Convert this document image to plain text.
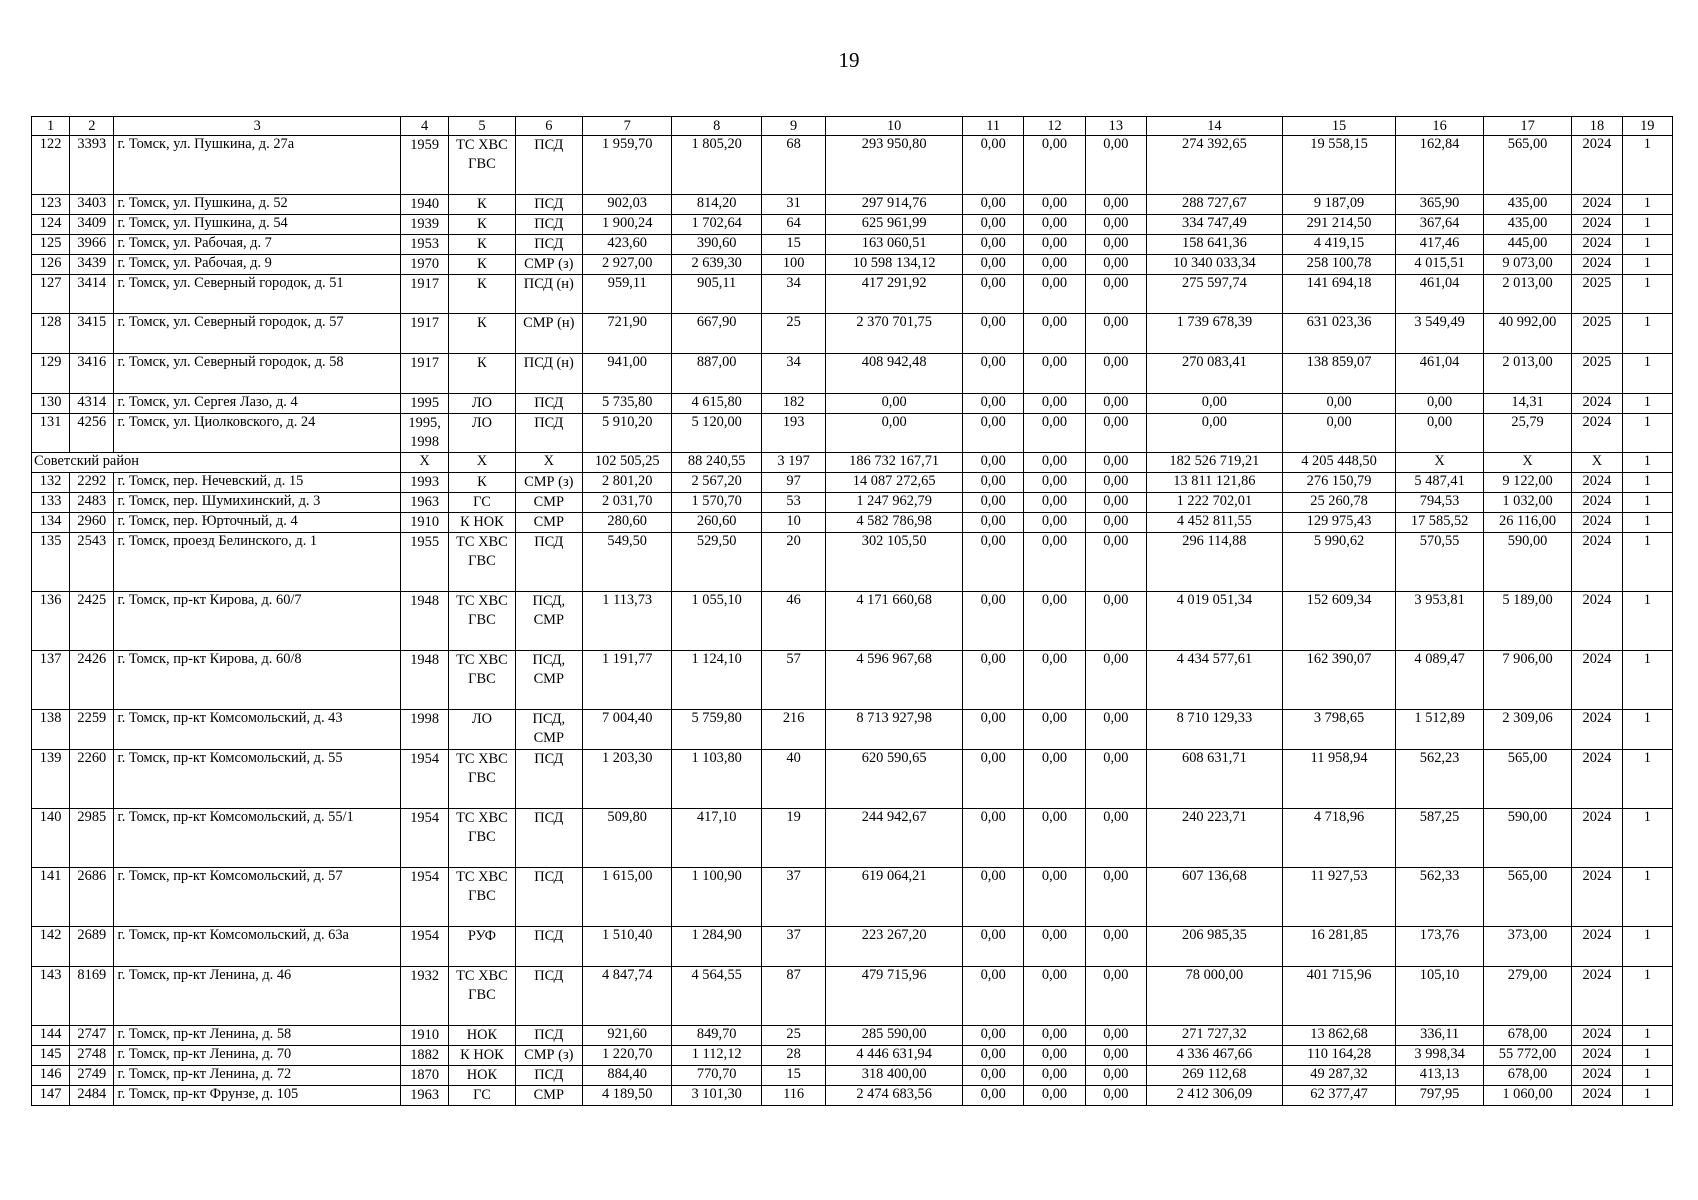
19
1	2	3	4	5	6	7	8	9	10	11	12	13	14	15	16	17	18	19
122	3393	г. Томск, ул. Пушкина, д. 27а	1959	ТС ХВС ГВС	ПСД	1 959,70	1 805,20	68	293 950,80	0,00	0,00	0,00	274 392,65	19 558,15	162,84	565,00	2024	1
123	3403	г. Томск, ул. Пушкина, д. 52	1940	К	ПСД	902,03	814,20	31	297 914,76	0,00	0,00	0,00	288 727,67	9 187,09	365,90	435,00	2024	1
124	3409	г. Томск, ул. Пушкина, д. 54	1939	К	ПСД	1 900,24	1 702,64	64	625 961,99	0,00	0,00	0,00	334 747,49	291 214,50	367,64	435,00	2024	1
125	3966	г. Томск, ул. Рабочая, д. 7	1953	К	ПСД	423,60	390,60	15	163 060,51	0,00	0,00	0,00	158 641,36	4 419,15	417,46	445,00	2024	1
126	3439	г. Томск, ул. Рабочая, д. 9	1970	К	СМР (з)	2 927,00	2 639,30	100	10 598 134,12	0,00	0,00	0,00	10 340 033,34	258 100,78	4 015,51	9 073,00	2024	1
127	3414	г. Томск, ул. Северный городок, д. 51	1917	К	ПСД (н)	959,11	905,11	34	417 291,92	0,00	0,00	0,00	275 597,74	141 694,18	461,04	2 013,00	2025	1
128	3415	г. Томск, ул. Северный городок, д. 57	1917	К	СМР (н)	721,90	667,90	25	2 370 701,75	0,00	0,00	0,00	1 739 678,39	631 023,36	3 549,49	40 992,00	2025	1
129	3416	г. Томск, ул. Северный городок, д. 58	1917	К	ПСД (н)	941,00	887,00	34	408 942,48	0,00	0,00	0,00	270 083,41	138 859,07	461,04	2 013,00	2025	1
130	4314	г. Томск, ул. Сергея Лазо, д. 4	1995	ЛО	ПСД	5 735,80	4 615,80	182	0,00	0,00	0,00	0,00	0,00	0,00	0,00	14,31	2024	1
131	4256	г. Томск, ул. Циолковского, д. 24	1995, 1998	ЛО	ПСД	5 910,20	5 120,00	193	0,00	0,00	0,00	0,00	0,00	0,00	0,00	25,79	2024	1
Советский район			Х	Х	Х	102 505,25	88 240,55	3 197	186 732 167,71	0,00	0,00	0,00	182 526 719,21	4 205 448,50	Х	Х	Х	1
132	2292	г. Томск, пер. Нечевский, д. 15	1993	К	СМР (з)	2 801,20	2 567,20	97	14 087 272,65	0,00	0,00	0,00	13 811 121,86	276 150,79	5 487,41	9 122,00	2024	1
133	2483	г. Томск, пер. Шумихинский, д. 3	1963	ГС	СМР	2 031,70	1 570,70	53	1 247 962,79	0,00	0,00	0,00	1 222 702,01	25 260,78	794,53	1 032,00	2024	1
134	2960	г. Томск, пер. Юрточный, д. 4	1910	К НОК	СМР	280,60	260,60	10	4 582 786,98	0,00	0,00	0,00	4 452 811,55	129 975,43	17 585,52	26 116,00	2024	1
135	2543	г. Томск, проезд Белинского, д. 1	1955	ТС ХВС ГВС	ПСД	549,50	529,50	20	302 105,50	0,00	0,00	0,00	296 114,88	5 990,62	570,55	590,00	2024	1
136	2425	г. Томск, пр-кт Кирова, д. 60/7	1948	ТС ХВС ГВС	ПСД, СМР	1 113,73	1 055,10	46	4 171 660,68	0,00	0,00	0,00	4 019 051,34	152 609,34	3 953,81	5 189,00	2024	1
137	2426	г. Томск, пр-кт Кирова, д. 60/8	1948	ТС ХВС ГВС	ПСД, СМР	1 191,77	1 124,10	57	4 596 967,68	0,00	0,00	0,00	4 434 577,61	162 390,07	4 089,47	7 906,00	2024	1
138	2259	г. Томск, пр-кт Комсомольский, д. 43	1998	ЛО	ПСД, СМР	7 004,40	5 759,80	216	8 713 927,98	0,00	0,00	0,00	8 710 129,33	3 798,65	1 512,89	2 309,06	2024	1
139	2260	г. Томск, пр-кт Комсомольский, д. 55	1954	ТС ХВС ГВС	ПСД	1 203,30	1 103,80	40	620 590,65	0,00	0,00	0,00	608 631,71	11 958,94	562,23	565,00	2024	1
140	2985	г. Томск, пр-кт Комсомольский, д. 55/1	1954	ТС ХВС ГВС	ПСД	509,80	417,10	19	244 942,67	0,00	0,00	0,00	240 223,71	4 718,96	587,25	590,00	2024	1
141	2686	г. Томск, пр-кт Комсомольский, д. 57	1954	ТС ХВС ГВС	ПСД	1 615,00	1 100,90	37	619 064,21	0,00	0,00	0,00	607 136,68	11 927,53	562,33	565,00	2024	1
142	2689	г. Томск, пр-кт Комсомольский, д. 63а	1954	РУФ	ПСД	1 510,40	1 284,90	37	223 267,20	0,00	0,00	0,00	206 985,35	16 281,85	173,76	373,00	2024	1
143	8169	г. Томск, пр-кт Ленина, д. 46	1932	ТС ХВС ГВС	ПСД	4 847,74	4 564,55	87	479 715,96	0,00	0,00	0,00	78 000,00	401 715,96	105,10	279,00	2024	1
144	2747	г. Томск, пр-кт Ленина, д. 58	1910	НОК	ПСД	921,60	849,70	25	285 590,00	0,00	0,00	0,00	271 727,32	13 862,68	336,11	678,00	2024	1
145	2748	г. Томск, пр-кт Ленина, д. 70	1882	К НОК	СМР (з)	1 220,70	1 112,12	28	4 446 631,94	0,00	0,00	0,00	4 336 467,66	110 164,28	3 998,34	55 772,00	2024	1
146	2749	г. Томск, пр-кт Ленина, д. 72	1870	НОК	ПСД	884,40	770,70	15	318 400,00	0,00	0,00	0,00	269 112,68	49 287,32	413,13	678,00	2024	1
147	2484	г. Томск, пр-кт Фрунзе, д. 105	1963	ГС	СМР	4 189,50	3 101,30	116	2 474 683,56	0,00	0,00	0,00	2 412 306,09	62 377,47	797,95	1 060,00	2024	1
